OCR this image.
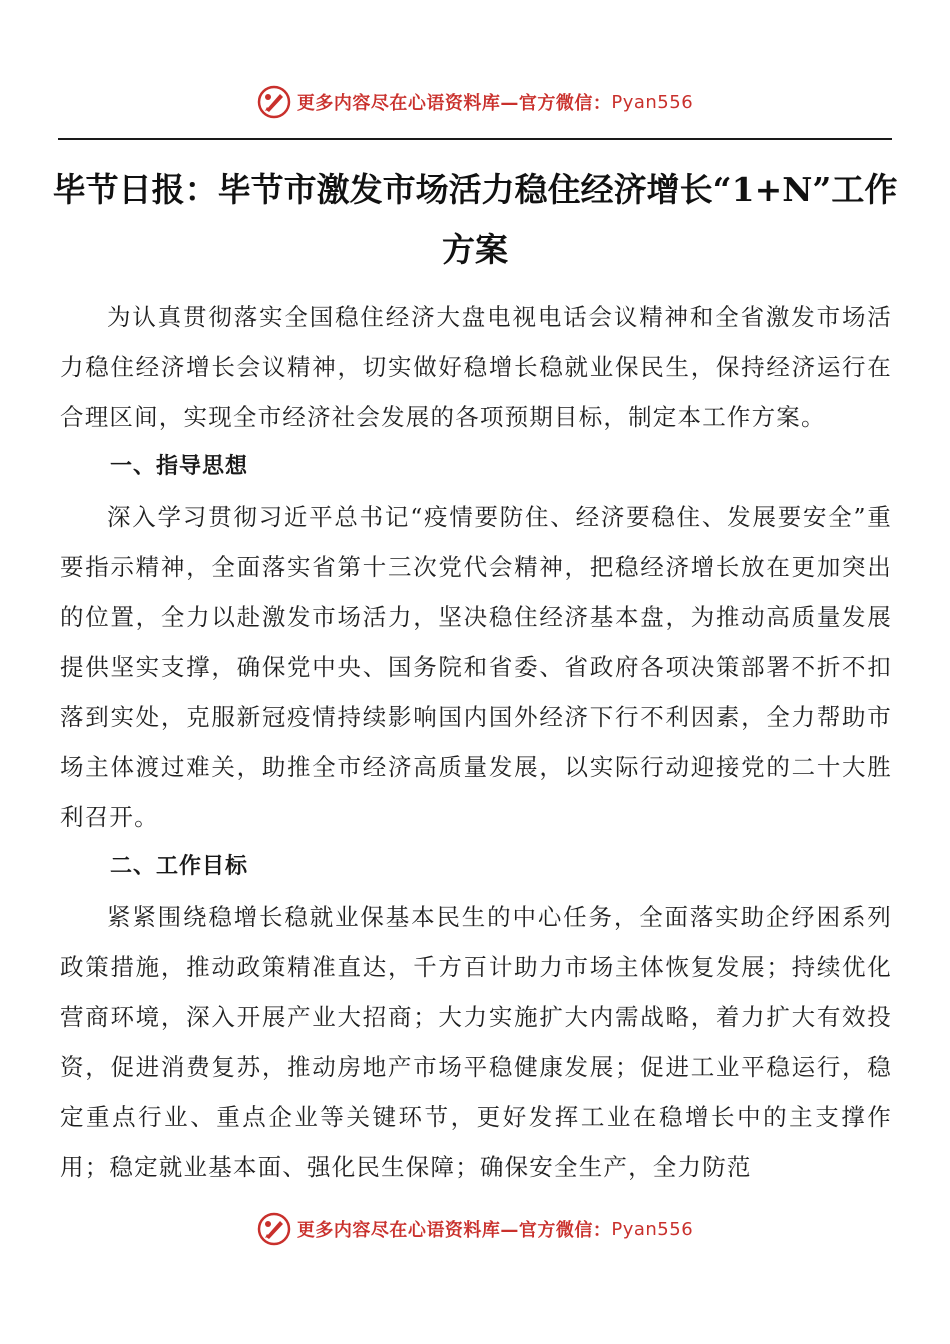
更多内容尽在心语资料库 —官方微信： Pyan556
毕节日报：毕节市激发市场活力稳住经济增长“1+N”工作方案

为认真贯彻落实全国稳住经济大盘电视电话会议精神和全省激发市场活力稳住经济增长会议精神，切实做好稳增长稳就业保民生，保持经济运行在合理区间，实现全市经济社会发展的各项预期目标，制定本工作方案。

一、指导思想

深入学习贯彻习近平总书记“疫情要防住、经济要稳住、发展要安全”重要指示精神，全面落实省第十三次党代会精神，把稳经济增长放在更加突出的位置，全力以赴激发市场活力，坚决稳住经济基本盘，为推动高质量发展提供坚实支撑，确保党中央、国务院和省委、省政府各项决策部署不折不扣落到实处，克服新冠疫情持续影响国内国外经济下行不利因素，全力帮助市场主体渡过难关，助推全市经济高质量发展，以实际行动迎接党的二十大胜利召开。

二、工作目标

紧紧围绕稳增长稳就业保基本民生的中心任务，全面落实助企纾困系列政策措施，推动政策精准直达，千方百计助力市场主体恢复发展；持续优化营商环境，深入开展产业大招商；大力实施扩大内需战略，着力扩大有效投资，促进消费复苏，推动房地产市场平稳健康发展；促进工业平稳运行，稳定重点行业、重点企业等关键环节，更好发挥工业在稳增长中的主支撑作用；稳定就业基本面、强化民生保障；确保安全生产，全力防范

更多内容尽在心语资料库 —官方微信： Pyan556
